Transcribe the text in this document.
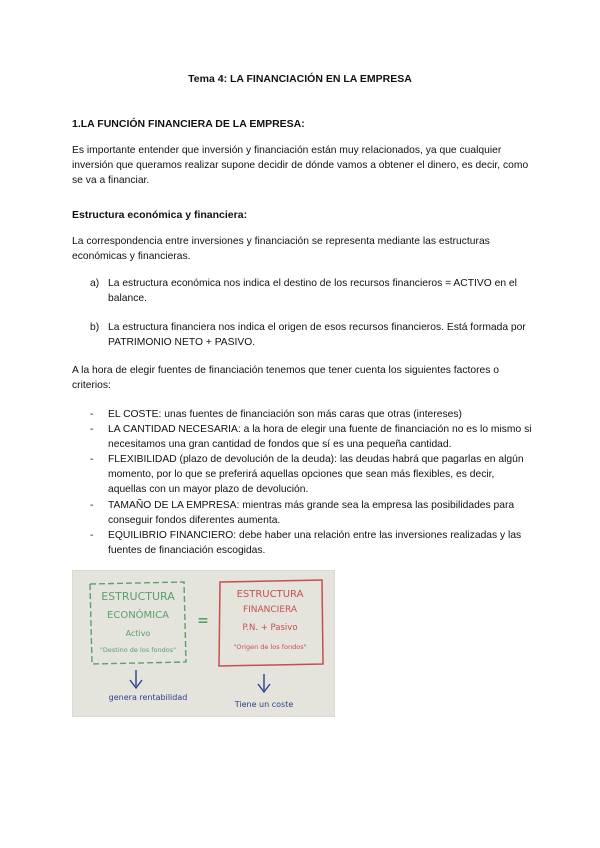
Tema 4: LA FINANCIACIÓN EN LA EMPRESA
1.LA FUNCIÓN FINANCIERA DE LA EMPRESA:

Es importante entender que inversión y financiación están muy relacionados, ya que cualquier inversión que queramos realizar supone decidir de dónde vamos a obtener el dinero, es decir, como se va a financiar.

Estructura económica y financiera:

La correspondencia entre inversiones y financiación se representa mediante las estructuras económicas y financieras.

a) La estructura económica nos indica el destino de los recursos financieros = ACTIVO en el balance.
b) La estructura financiera nos indica el origen de esos recursos financieros. Está formada por PATRIMONIO NETO + PASIVO.

A la hora de elegir fuentes de financiación tenemos que tener cuenta los siguientes factores o criterios:

- EL COSTE: unas fuentes de financiación son más caras que otras (intereses)
- LA CANTIDAD NECESARIA: a la hora de elegir una fuente de financiación no es lo mismo si necesitamos una gran cantidad de fondos que sí es una pequeña cantidad.
- FLEXIBILIDAD (plazo de devolución de la deuda): las deudas habrá que pagarlas en algún momento, por lo que se preferirá aquellas opciones que sean más flexibles, es decir, aquellas con un mayor plazo de devolución.
- TAMAÑO DE LA EMPRESA: mientras más grande sea la empresa las posibilidades para conseguir fondos diferentes aumenta.
- EQUILIBRIO FINANCIERO: debe haber una relación entre las inversiones realizadas y las fuentes de financiación escogidas.
ESTRUCTURA
ECONÓMICA
Activo
"Destino de los fondos"
=
ESTRUCTURA
FINANCIERA
P.N. + Pasivo
"Origen de los fondos"
genera rentabilidad
Tiene un coste
